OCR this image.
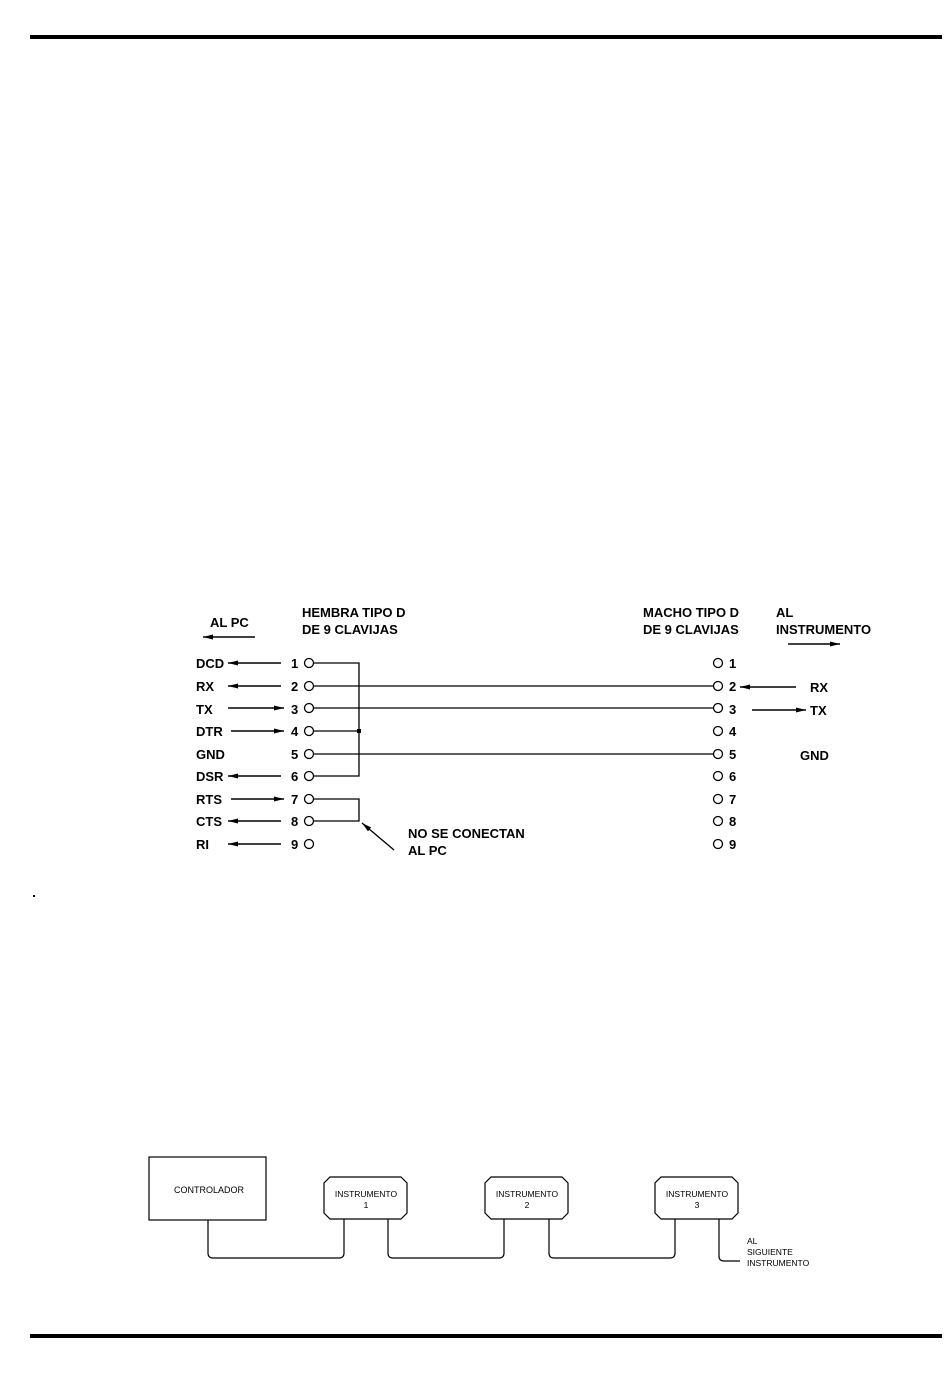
AL PC
HEMBRA TIPO D
DE 9 CLAVIJAS
MACHO TIPO D
DE 9 CLAVIJAS
AL
INSTRUMENTO
DCD
RX
TX
DTR
GND
DSR
RTS
CTS
RI
1
2
3
4
5
6
7
8
9
NO SE CONECTAN
AL PC
1
2
3
4
5
6
7
8
9
RX
TX
GND
CONTROLADOR	INSTRUMENTO
1
INSTRUMENTO
2
INSTRUMENTO
3
AL
SIGUIENTE
INSTRUMENTO
